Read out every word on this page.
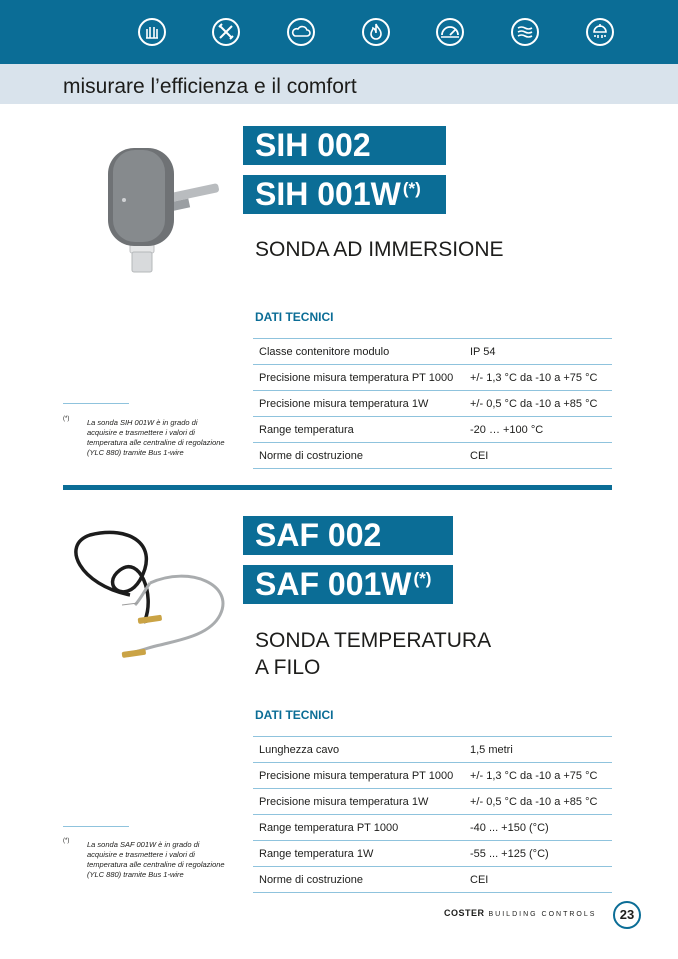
misurare l’efficienza e il comfort
SIH 002
SIH 001W (*)
SONDA AD IMMERSIONE
DATI TECNICI
Classe contenitore modulo	IP 54
Precisione misura temperatura PT 1000	+/- 1,3 °C da -10 a +75 °C
Precisione misura temperatura 1W	+/- 0,5 °C da -10 a +85 °C
Range temperatura	-20 … +100 °C
Norme di costruzione	CEI
(*) La sonda SIH 001W è in grado di acquisire e trasmettere i valori di temperatura alle centraline di regolazione (YLC 880) tramite Bus 1-wire
SAF 002
SAF 001W (*)
SONDA TEMPERATURA
A FILO
DATI TECNICI
Lunghezza cavo	1,5 metri
Precisione misura temperatura PT 1000	+/- 1,3 °C da -10 a +75 °C
Precisione misura temperatura 1W	+/- 0,5 °C da -10 a +85 °C
Range temperatura PT 1000	-40 ... +150 (°C)
Range temperatura 1W	-55 ... +125 (°C)
Norme di costruzione	CEI
(*) La sonda SAF 001W è in grado di acquisire e trasmettere i valori di temperatura alle centraline di regolazione (YLC 880) tramite Bus 1-wire
COSTER BUILDING CONTROLS	23
